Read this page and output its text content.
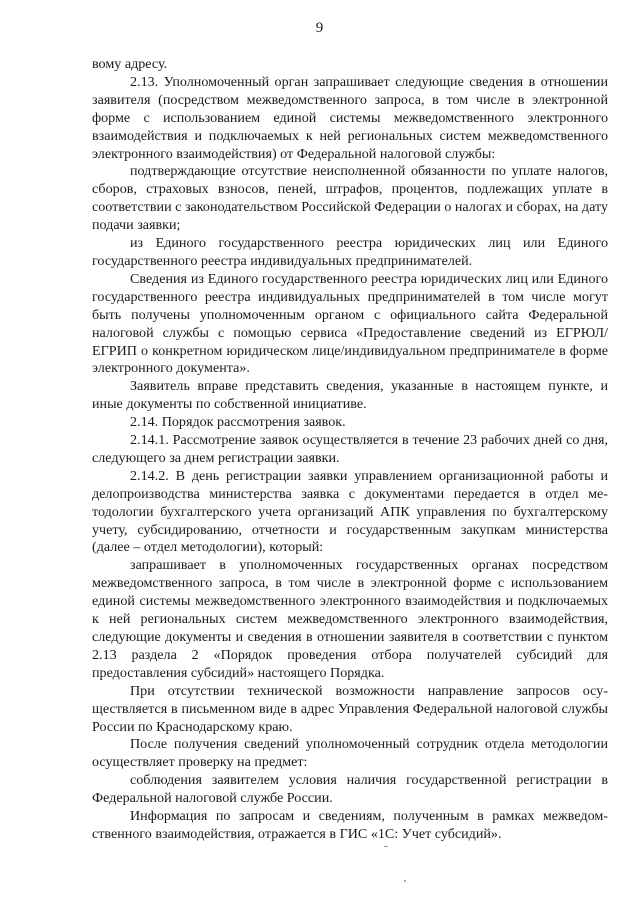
9

вому адресу.

2.13. Уполномоченный орган запрашивает следующие сведения в отношении заявителя (посредством межведомственного запроса, в том числе в электронной форме с использованием единой системы межведомственного электронного взаимодействия и подключаемых к ней региональных систем межведомственного электронного взаимодействия) от Федеральной налоговой службы:

подтверждающие отсутствие неисполненной обязанности по уплате налогов, сборов, страховых взносов, пеней, штрафов, процентов, подлежащих уплате в соответствии с законодательством Российской Федерации о налогах и сборах, на дату подачи заявки;

из Единого государственного реестра юридических лиц или Единого государственного реестра индивидуальных предпринимателей.

Сведения из Единого государственного реестра юридических лиц или Единого государственного реестра индивидуальных предпринимателей в том числе могут быть получены уполномоченным органом с официального сайта Федеральной налоговой службы с помощью сервиса «Предоставление сведений из ЕГРЮЛ/ЕГРИП о конкретном юридическом лице/индивидуальном предпринимателе в форме электронного документа».

Заявитель вправе представить сведения, указанные в настоящем пункте, и иные документы по собственной инициативе.

2.14. Порядок рассмотрения заявок.

2.14.1. Рассмотрение заявок осуществляется в течение 23 рабочих дней со дня, следующего за днем регистрации заявки.

2.14.2. В день регистрации заявки управлением организационной работы и делопроизводства министерства заявка с документами передается в отдел методологии бухгалтерского учета организаций АПК управления по бухгалтерскому учету, субсидированию, отчетности и государственным закупкам министерства (далее – отдел методологии), который:

запрашивает в уполномоченных государственных органах посредством межведомственного запроса, в том числе в электронной форме с использованием единой системы межведомственного электронного взаимодействия и подключаемых к ней региональных систем межведомственного электронного взаимодействия, следующие документы и сведения в отношении заявителя в соответствии с пунктом 2.13 раздела 2 «Порядок проведения отбора получателей субсидий для предоставления субсидий» настоящего Порядка.

При отсутствии технической возможности направление запросов осуществляется в письменном виде в адрес Управления Федеральной налоговой службы России по Краснодарскому краю.

После получения сведений уполномоченный сотрудник отдела методологии осуществляет проверку на предмет:

соблюдения заявителем условия наличия государственной регистрации в Федеральной налоговой службе России.

Информация по запросам и сведениям, полученным в рамках межведомственного взаимодействия, отражается в ГИС «1С: Учет субсидий».
